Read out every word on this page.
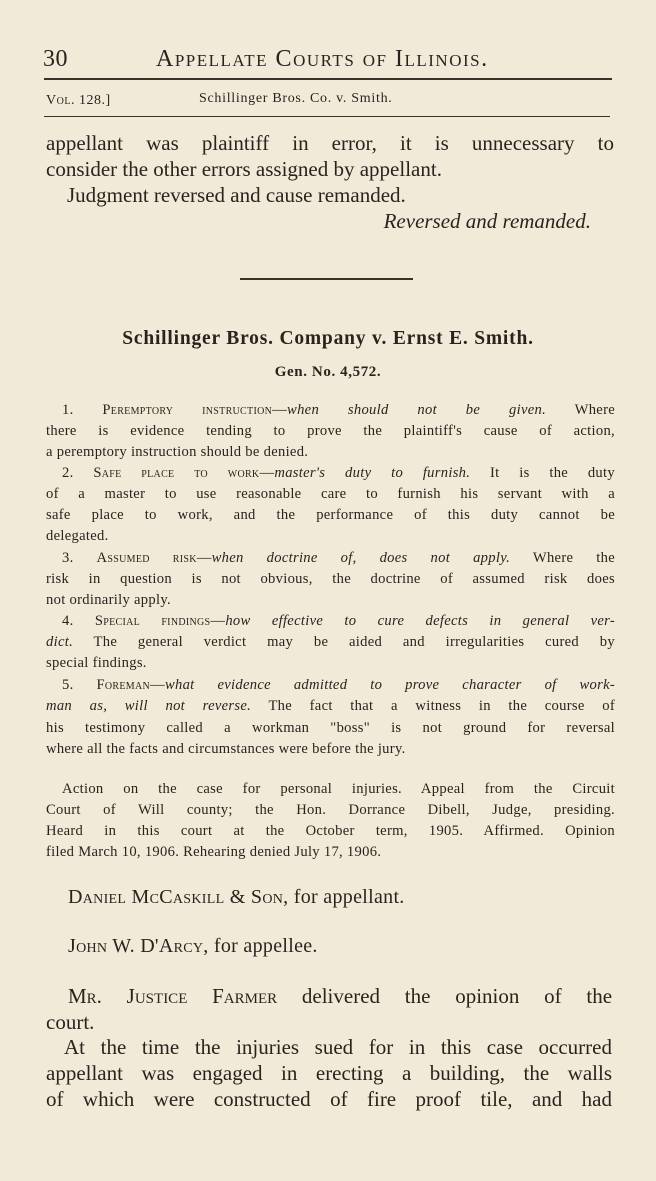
30	Appellate Courts of Illinois.
Vol. 128.]	Schillinger Bros. Co. v. Smith.
appellant was plaintiff in error, it is unnecessary to
consider the other errors assigned by appellant.
Judgment reversed and cause remanded.
Reversed and remanded.
Schillinger Bros. Company v. Ernst E. Smith.
Gen. No. 4,572.
1. Peremptory instruction—when should not be given. Where
there is evidence tending to prove the plaintiff's cause of action,
a peremptory instruction should be denied.
2. Safe place to work—master's duty to furnish. It is the duty
of a master to use reasonable care to furnish his servant with a
safe place to work, and the performance of this duty cannot be
delegated.
3. Assumed risk—when doctrine of, does not apply. Where the
risk in question is not obvious, the doctrine of assumed risk does
not ordinarily apply.
4. Special findings—how effective to cure defects in general ver-
dict. The general verdict may be aided and irregularities cured by
special findings.
5. Foreman—what evidence admitted to prove character of work-
man as, will not reverse. The fact that a witness in the course of
his testimony called a workman "boss" is not ground for reversal
where all the facts and circumstances were before the jury.
Action on the case for personal injuries. Appeal from the Circuit
Court of Will county; the Hon. Dorrance Dibell, Judge, presiding.
Heard in this court at the October term, 1905. Affirmed. Opinion
filed March 10, 1906. Rehearing denied July 17, 1906.
Daniel McCaskill & Son, for appellant.
John W. D'Arcy, for appellee.
Mr. Justice Farmer delivered the opinion of the
court.
At the time the injuries sued for in this case occurred
appellant was engaged in erecting a building, the walls
of which were constructed of fire proof tile, and had
